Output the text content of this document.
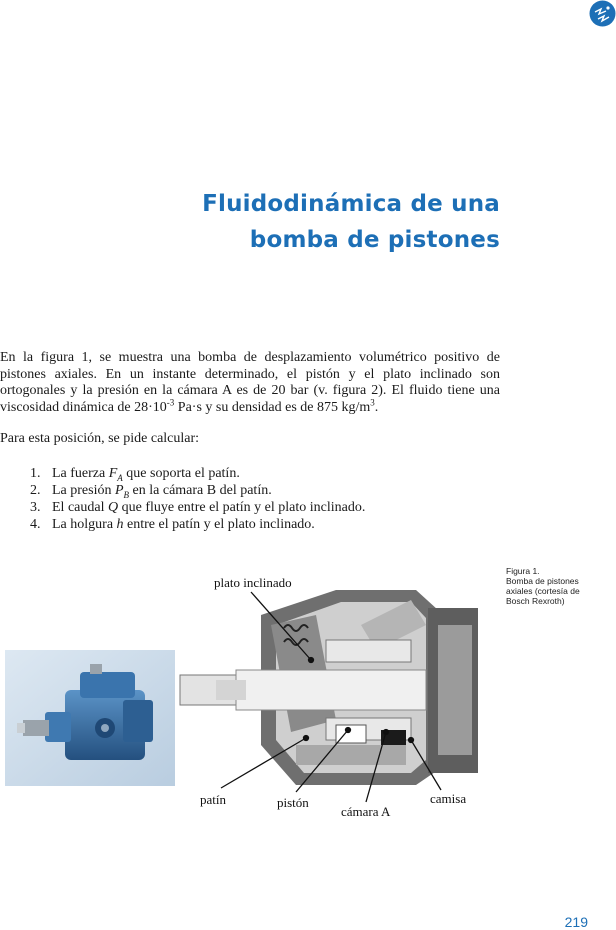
Fluidodinámica de una
bomba de pistones

En la figura 1, se muestra una bomba de desplazamiento volumétrico positivo de pistones axiales. En un instante determinado, el pistón y el plato inclinado son ortogonales y la presión en la cámara A es de 20 bar (v. figura 2). El fluido tiene una viscosidad dinámica de $28\cdot 10^{-3}$ Pa·s y su densidad es de 875 $kg/m^3$.

Para esta posición, se pide calcular:

1. La fuerza $F_A$ que soporta el patín.
2. La presión $P_B$ en la cámara B del patín.
3. El caudal Q que fluye entre el patín y el plato inclinado.
4. La holgura h entre el patín y el plato inclinado.
Figura 1.
Bomba de pistones
axiales (cortesía de
Bosch Rexroth)
plato inclinado
patín	pistón
cámara A
camisa
219
